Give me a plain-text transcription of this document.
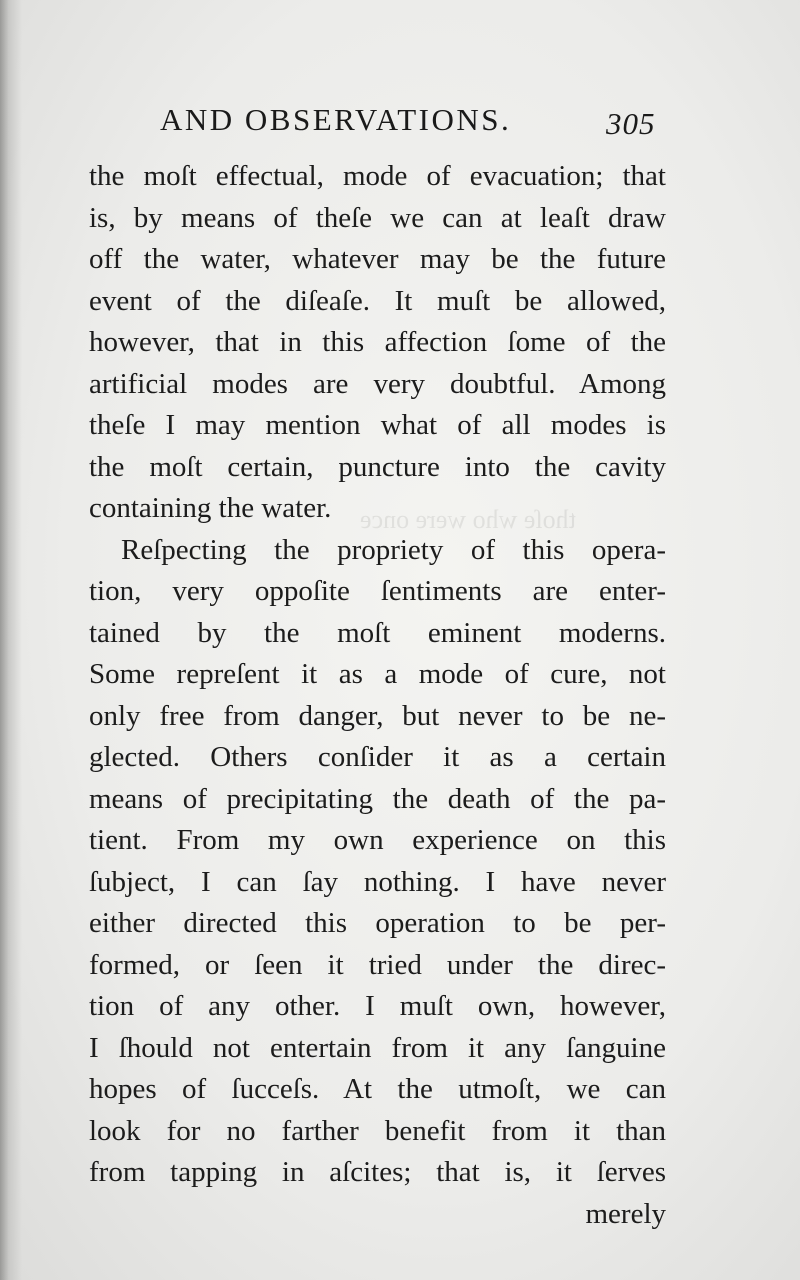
thoſe who were once
AND OBSERVATIONS.	305
the moſt effectual, mode of evacuation; that
is, by means of theſe we can at leaſt draw
off the water, whatever may be the future
event of the diſeaſe. It muſt be allowed,
however, that in this affection ſome of the
artificial modes are very doubtful. Among
theſe I may mention what of all modes is
the moſt certain, puncture into the cavity
containing the water.
Reſpecting the propriety of this opera-
tion, very oppoſite ſentiments are enter-
tained by the moſt eminent moderns.
Some repreſent it as a mode of cure, not
only free from danger, but never to be ne-
glected. Others conſider it as a certain
means of precipitating the death of the pa-
tient. From my own experience on this
ſubject, I can ſay nothing. I have never
either directed this operation to be per-
formed, or ſeen it tried under the direc-
tion of any other. I muſt own, however,
I ſhould not entertain from it any ſanguine
hopes of ſucceſs. At the utmoſt, we can
look for no farther benefit from it than
from tapping in aſcites; that is, it ſerves
merely
